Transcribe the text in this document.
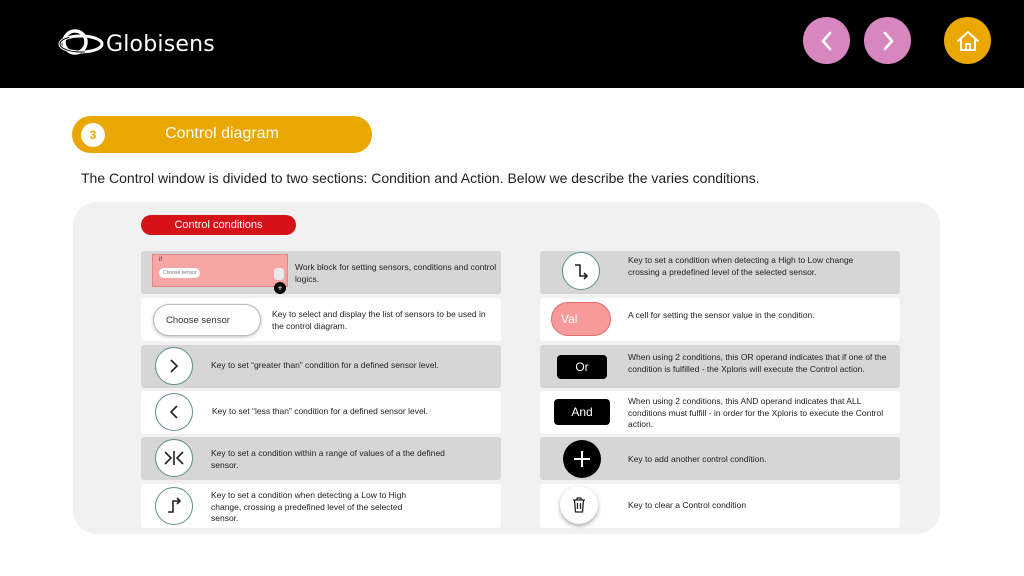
Globisens
3	Control diagram
The Control window is divided to two sections: Condition and Action. Below we describe the varies conditions.
Control conditions
if
Choose sensor
+
Work block for setting sensors, conditions and control logics.
Choose sensor
Key to select and display the list of sensors to be used in the control diagram.
Key to set “greater than” condition for a defined sensor level.
Key to set “less than” condition for a defined sensor level.
Key to set a condition within a range of values of a the defined sensor.
Key to set a condition when detecting a Low to High change, crossing a predefined level of the selected sensor.
Key to set a condition when detecting a High to Low change crossing a predefined level of the selected sensor.
Val	A cell for setting the sensor value in the condition.
Or
When using 2 conditions, this OR operand indicates that if one of the condition is fulfilled - the Xploris will execute the Control action.
And
When using 2 conditions, this AND operand indicates that ALL conditions must fulfill - in order for the Xploris to execute the Control action.
Key to add another control condition.
Key to clear a Control condition
